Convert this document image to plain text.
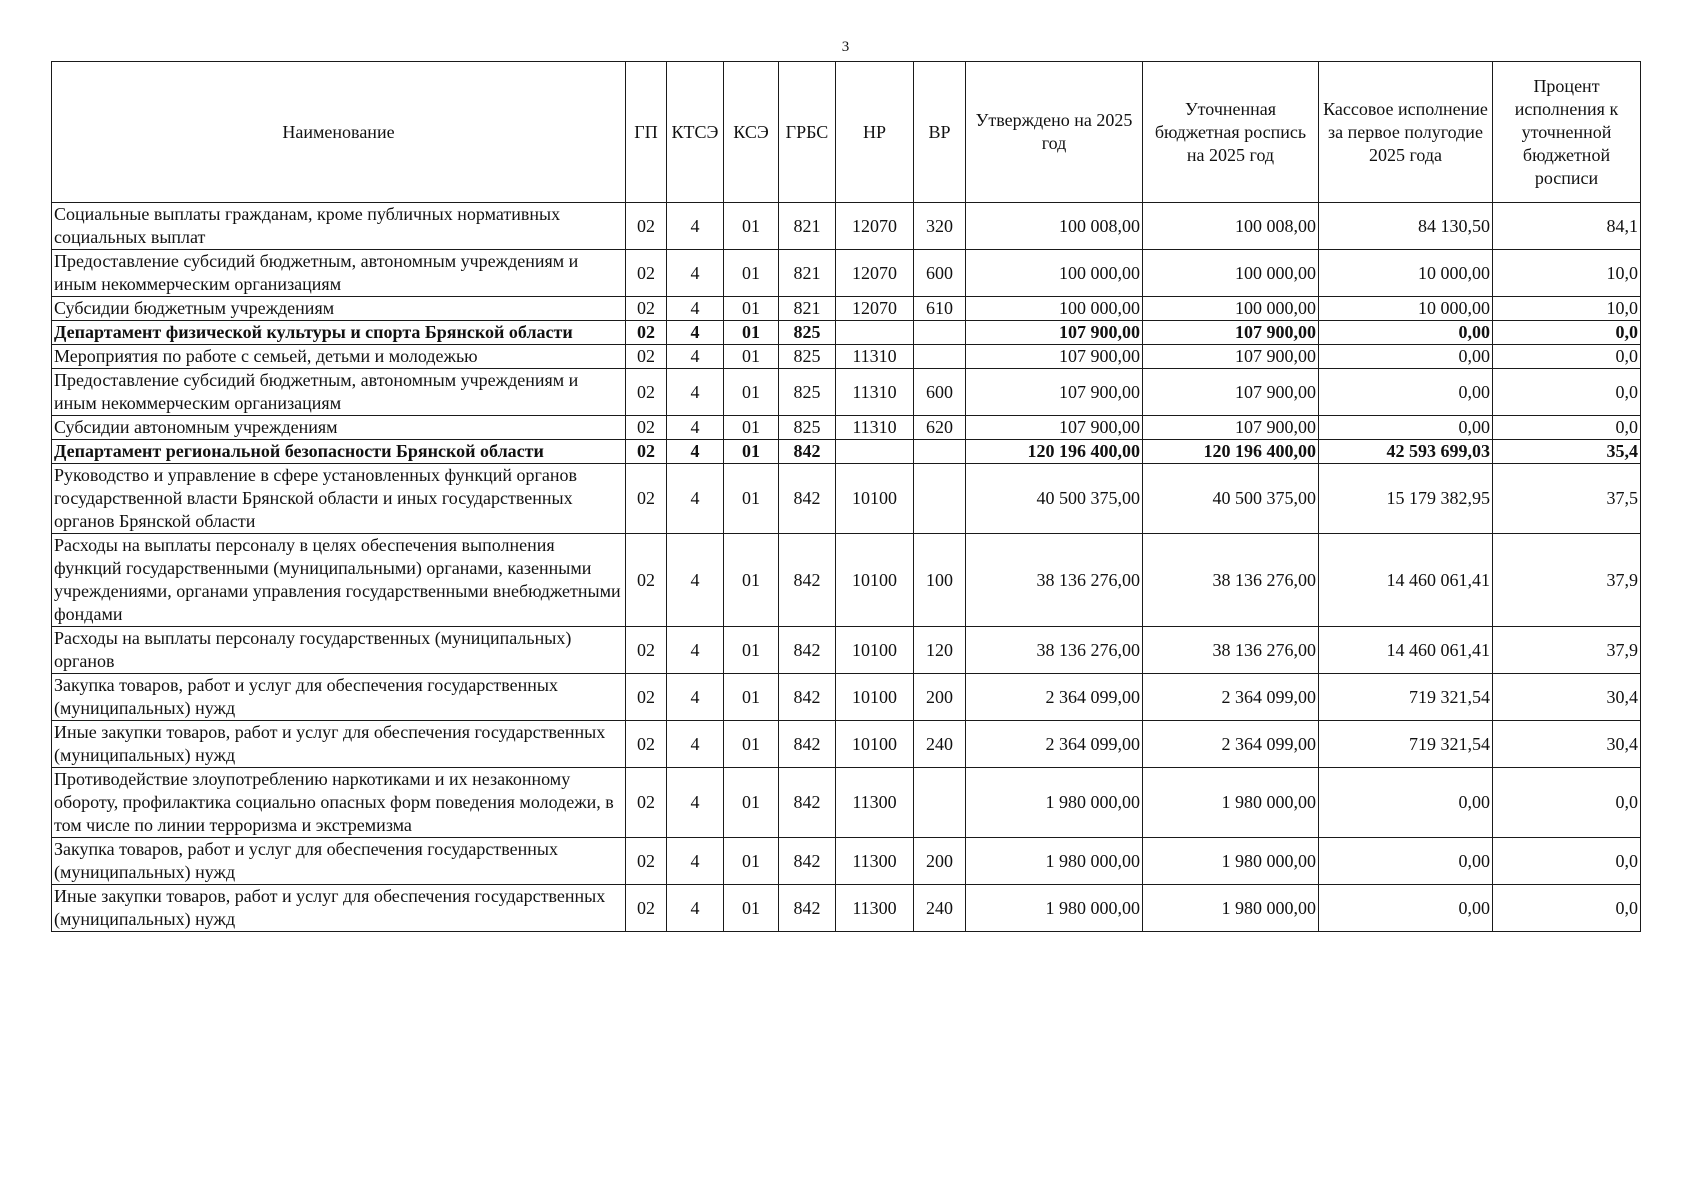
3
Наименование	ГП	КТСЭ	КСЭ	ГРБС	НР	ВР	Утверждено на 2025 год	Уточненная бюджетная роспись на 2025 год	Кассовое исполнение за первое полугодие 2025 года	Процент исполнения к уточненной бюджетной росписи
Социальные выплаты гражданам, кроме публичных нормативных социальных выплат	02	4	01	821	12070	320	100 008,00	100 008,00	84 130,50	84,1
Предоставление субсидий бюджетным, автономным учреждениям и иным некоммерческим организациям	02	4	01	821	12070	600	100 000,00	100 000,00	10 000,00	10,0
Субсидии бюджетным учреждениям	02	4	01	821	12070	610	100 000,00	100 000,00	10 000,00	10,0
Департамент физической культуры и спорта Брянской области	02	4	01	825			107 900,00	107 900,00	0,00	0,0
Мероприятия по работе с семьей, детьми и молодежью	02	4	01	825	11310		107 900,00	107 900,00	0,00	0,0
Предоставление субсидий бюджетным, автономным учреждениям и иным некоммерческим организациям	02	4	01	825	11310	600	107 900,00	107 900,00	0,00	0,0
Субсидии автономным учреждениям	02	4	01	825	11310	620	107 900,00	107 900,00	0,00	0,0
Департамент региональной безопасности Брянской области	02	4	01	842			120 196 400,00	120 196 400,00	42 593 699,03	35,4
Руководство и управление в сфере установленных функций органов государственной власти Брянской области и иных государственных органов Брянской области	02	4	01	842	10100		40 500 375,00	40 500 375,00	15 179 382,95	37,5
Расходы на выплаты персоналу в целях обеспечения выполнения функций государственными (муниципальными) органами, казенными учреждениями, органами управления государственными внебюджетными фондами	02	4	01	842	10100	100	38 136 276,00	38 136 276,00	14 460 061,41	37,9
Расходы на выплаты персоналу государственных (муниципальных) органов	02	4	01	842	10100	120	38 136 276,00	38 136 276,00	14 460 061,41	37,9
Закупка товаров, работ и услуг для обеспечения государственных (муниципальных) нужд	02	4	01	842	10100	200	2 364 099,00	2 364 099,00	719 321,54	30,4
Иные закупки товаров, работ и услуг для обеспечения государственных (муниципальных) нужд	02	4	01	842	10100	240	2 364 099,00	2 364 099,00	719 321,54	30,4
Противодействие злоупотреблению наркотиками и их незаконному обороту, профилактика социально опасных форм поведения молодежи, в том числе по линии терроризма и экстремизма	02	4	01	842	11300		1 980 000,00	1 980 000,00	0,00	0,0
Закупка товаров, работ и услуг для обеспечения государственных (муниципальных) нужд	02	4	01	842	11300	200	1 980 000,00	1 980 000,00	0,00	0,0
Иные закупки товаров, работ и услуг для обеспечения государственных (муниципальных) нужд	02	4	01	842	11300	240	1 980 000,00	1 980 000,00	0,00	0,0
